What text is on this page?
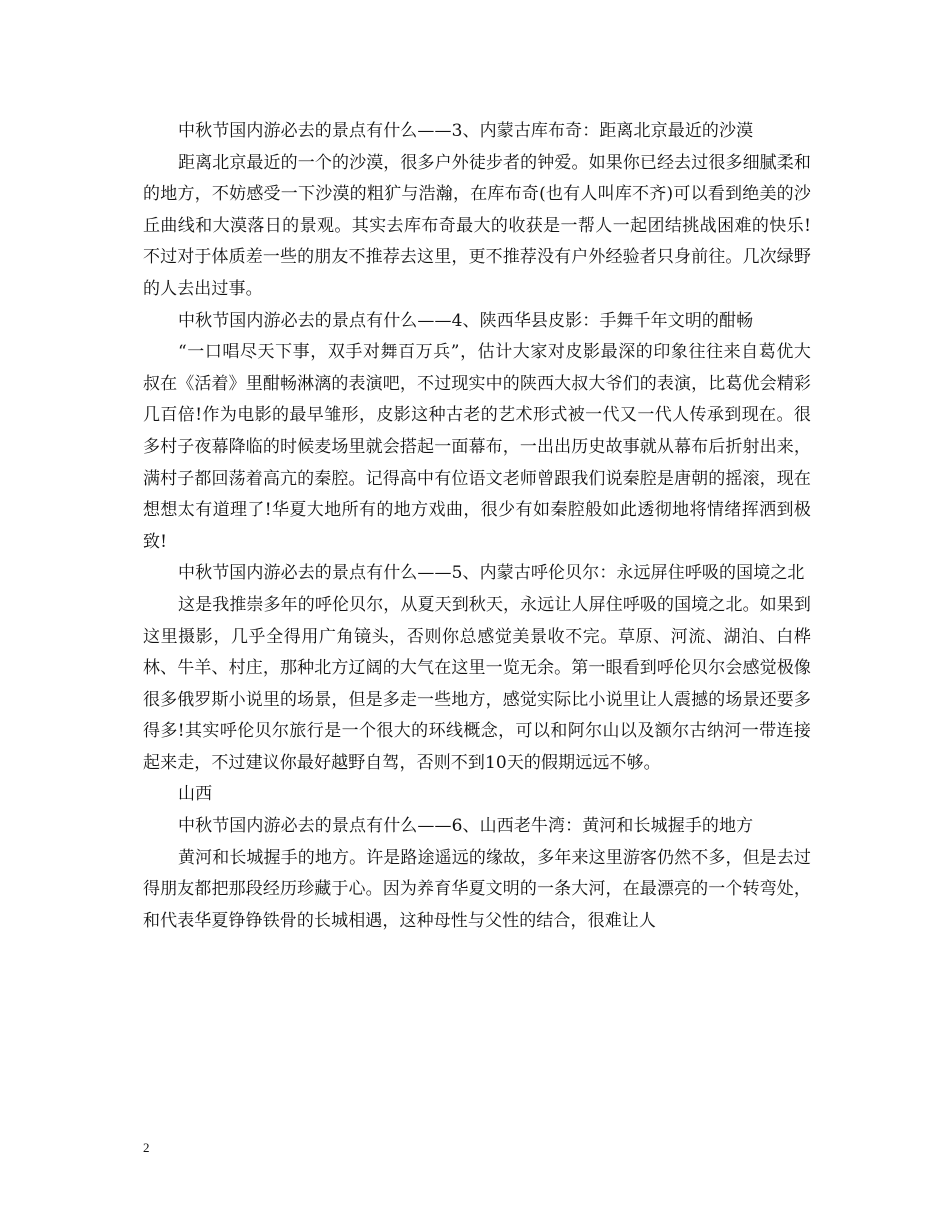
中秋节国内游必去的景点有什么——3、内蒙古库布奇：距离北京最近的沙漠

距离北京最近的一个的沙漠，很多户外徒步者的钟爱。如果你已经去过很多细腻柔和的地方，不妨感受一下沙漠的粗犷与浩瀚，在库布奇(也有人叫库不齐)可以看到绝美的沙丘曲线和大漠落日的景观。其实去库布奇最大的收获是一帮人一起团结挑战困难的快乐!不过对于体质差一些的朋友不推荐去这里，更不推荐没有户外经验者只身前往。几次绿野的人去出过事。

中秋节国内游必去的景点有什么——4、陕西华县皮影：手舞千年文明的酣畅

“一口唱尽天下事，双手对舞百万兵”，估计大家对皮影最深的印象往往来自葛优大叔在《活着》里酣畅淋漓的表演吧，不过现实中的陕西大叔大爷们的表演，比葛优会精彩几百倍!作为电影的最早雏形，皮影这种古老的艺术形式被一代又一代人传承到现在。很多村子夜幕降临的时候麦场里就会搭起一面幕布，一出出历史故事就从幕布后折射出来，满村子都回荡着高亢的秦腔。记得高中有位语文老师曾跟我们说秦腔是唐朝的摇滚，现在想想太有道理了!华夏大地所有的地方戏曲，很少有如秦腔般如此透彻地将情绪挥洒到极致!

中秋节国内游必去的景点有什么——5、内蒙古呼伦贝尔：永远屏住呼吸的国境之北

这是我推崇多年的呼伦贝尔，从夏天到秋天，永远让人屏住呼吸的国境之北。如果到这里摄影，几乎全得用广角镜头，否则你总感觉美景收不完。草原、河流、湖泊、白桦林、牛羊、村庄，那种北方辽阔的大气在这里一览无余。第一眼看到呼伦贝尔会感觉极像很多俄罗斯小说里的场景，但是多走一些地方，感觉实际比小说里让人震撼的场景还要多得多!其实呼伦贝尔旅行是一个很大的环线概念，可以和阿尔山以及额尔古纳河一带连接起来走，不过建议你最好越野自驾，否则不到10天的假期远远不够。

山西

中秋节国内游必去的景点有什么——6、山西老牛湾：黄河和长城握手的地方

黄河和长城握手的地方。许是路途遥远的缘故，多年来这里游客仍然不多，但是去过得朋友都把那段经历珍藏于心。因为养育华夏文明的一条大河，在最漂亮的一个转弯处，和代表华夏铮铮铁骨的长城相遇，这种母性与父性的结合，很难让人

2
